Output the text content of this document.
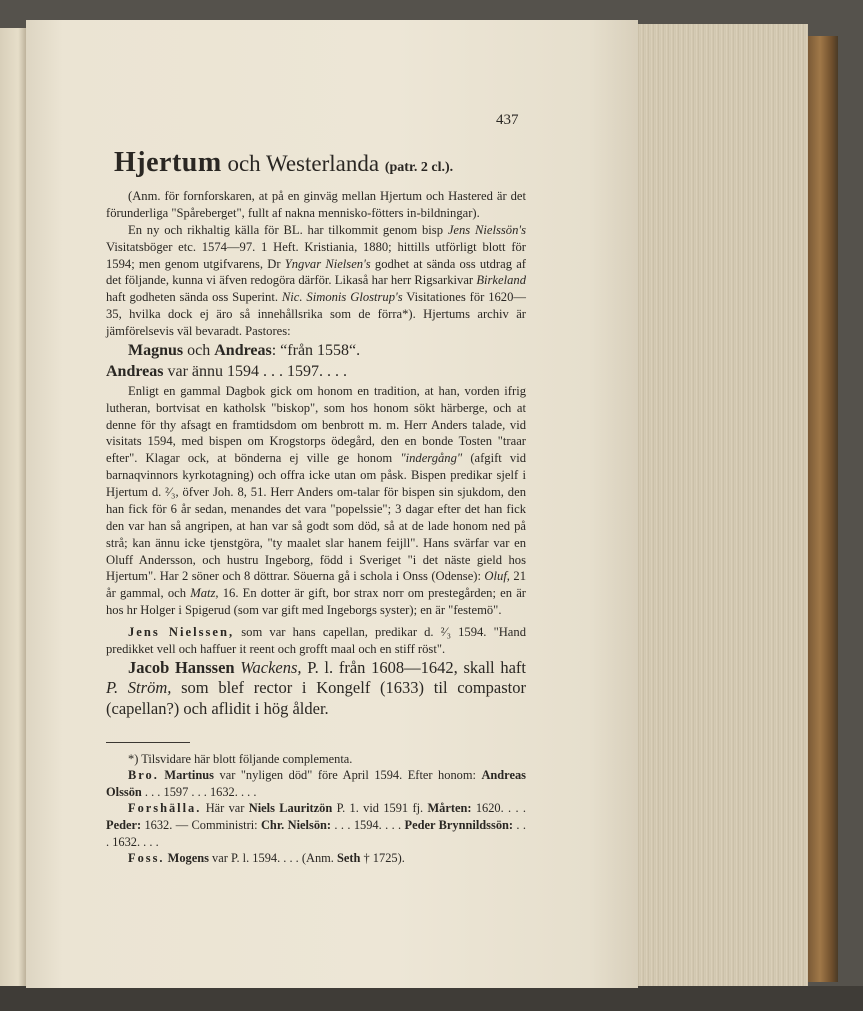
437

Hjertum och Westerlanda (patr. 2 cl.).

(Anm. för fornforskaren, at på en ginväg mellan Hjertum och Hastered är det förunderliga "Spåreberget", fullt af nakna mennisko-fötters in-bildningar).

En ny och rikhaltig källa för BL. har tilkommit genom bisp Jens Nielssön's Visitatsböger etc. 1574—97. 1 Heft. Kristiania, 1880; hittills utförligt blott för 1594; men genom utgifvarens, Dr Yngvar Nielsen's godhet at sända oss utdrag af det följande, kunna vi äfven redogöra därför. Likaså har herr Rigsarkivar Birkeland haft godheten sända oss Superint. Nic. Simonis Glostrup's Visitationes för 1620—35, hvilka dock ej äro så innehållsrika som de förra*). Hjertums archiv är jämförelsevis väl bevaradt. Pastores:

Magnus och Andreas: “från 1558“.

Andreas var ännu 1594 . . . 1597. . . .

Enligt en gammal Dagbok gick om honom en tradition, at han, vorden ifrig lutheran, bortvisat en katholsk "biskop", som hos honom sökt härberge, och at denne för thy afsagt en framtidsdom om benbrott m. m. Herr Anders talade, vid visitats 1594, med bispen om Krogstorps ödegård, den en bonde Tosten "traar efter". Klagar ock, at bönderna ej ville ge honom "indergång" (afgift vid barnaqvinnors kyrkotagning) och offra icke utan om påsk. Bispen predikar sjelf i Hjertum d. ²⁄₃, öfver Joh. 8, 51. Herr Anders om-talar för bispen sin sjukdom, den han fick för 6 år sedan, menandes det vara "popelssie"; 3 dagar efter det han fick den var han så angripen, at han var så godt som död, så at de lade honom ned på strå; kan ännu icke tjenstgöra, "ty maalet slar hanem feijll". Hans svärfar var en Oluff Andersson, och hustru Ingeborg, född i Sveriget "i det näste gield hos Hjertum". Har 2 söner och 8 döttrar. Söuerna gå i schola i Onss (Odense): Oluf, 21 år gammal, och Matz, 16. En dotter är gift, bor strax norr om prestegården; en är hos hr Holger i Spigerud (som var gift med Ingeborgs syster); en är "festemö".

Jens Nielssen, som var hans capellan, predikar d. ²⁄₃ 1594. "Hand predikket vell och haffuer it reent och grofft maal och en stiff röst".

Jacob Hanssen Wackens, P. l. från 1608—1642, skall haft P. Ström, som blef rector i Kongelf (1633) til compastor (capellan?) och aflidit i hög ålder.

*) Tilsvidare här blott följande complementa.

Bro. Martinus var "nyligen död" före April 1594. Efter honom: Andreas Olssön . . . 1597 . . . 1632. . . .

Forshälla. Här var Niels Lauritzön P. 1. vid 1591 fj. Mårten: 1620. . . . Peder: 1632. — Comministri: Chr. Nielsön: . . . 1594. . . . Peder Brynnildssön: . . . 1632. . . .

Foss. Mogens var P. l. 1594. . . . (Anm. Seth † 1725).
